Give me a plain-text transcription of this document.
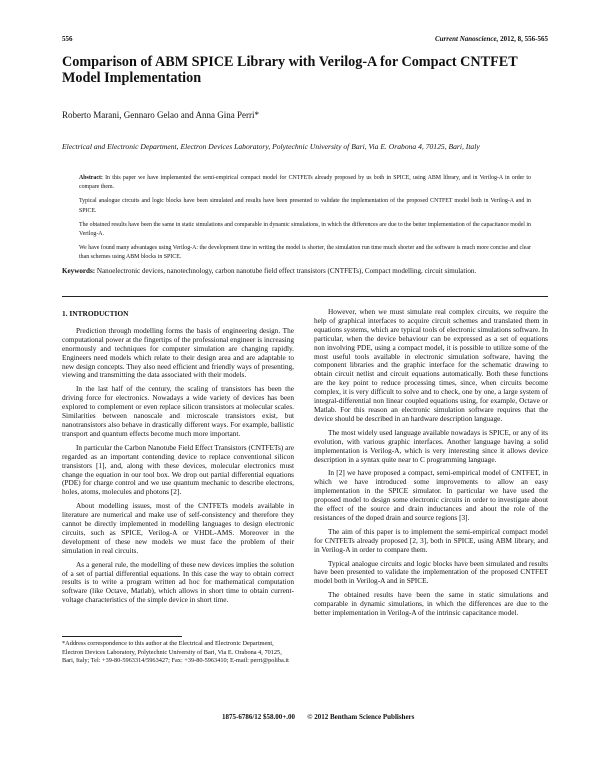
556	Current Nanoscience, 2012, 8, 556-565
Comparison of ABM SPICE Library with Verilog-A for Compact CNTFET Model Implementation
Roberto Marani, Gennaro Gelao and Anna Gina Perri*
Electrical and Electronic Department, Electron Devices Laboratory, Polytechnic University of Bari, Via E. Orabona 4, 70125, Bari, Italy

Abstract: In this paper we have implemented the semi-empirical compact model for CNTFETs already proposed by us both in SPICE, using ABM library, and in Verilog-A in order to compare them.

Typical analogue circuits and logic blocks have been simulated and results have been presented to validate the implementation of the proposed CNTFET model both in Verilog-A and in SPICE.

The obtained results have been the same in static simulations and comparable in dynamic simulations, in which the differences are due to the better implementation of the capacitance model in Verilog-A.

We have found many advantages using Verilog-A: the development time in writing the model is shorter, the simulation run time much shorter and the software is much more concise and clear than schemes using ABM blocks in SPICE.

Keywords: Nanoelectronic devices, nanotechnology, carbon nanotube field effect transistors (CNTFETs), Compact modelling, circuit simulation.
1. INTRODUCTION

Prediction through modelling forms the basis of engineering design. The computational power at the fingertips of the professional engineer is increasing enormously and techniques for computer simulation are changing rapidly. Engineers need models which relate to their design area and are adaptable to new design concepts. They also need efficient and friendly ways of presenting, viewing and transmitting the data associated with their models.

In the last half of the century, the scaling of transistors has been the driving force for electronics. Nowadays a wide variety of devices has been explored to complement or even replace silicon transistors at molecular scales. Similarities between nanoscale and microscale transistors exist, but nanotransistors also behave in drastically different ways. For example, ballistic transport and quantum effects become much more important.

In particular the Carbon Nanotube Field Effect Transistors (CNTFETs) are regarded as an important contending device to replace conventional silicon transistors [1], and, along with these devices, molecular electronics must change the equation in our tool box. We drop out partial differential equations (PDE) for charge control and we use quantum mechanic to describe electrons, holes, atoms, molecules and photons [2].

About modelling issues, most of the CNTFETs models available in literature are numerical and make use of self-consistency and therefore they cannot be directly implemented in modelling languages to design electronic circuits, such as SPICE, Verilog-A or VHDL-AMS. Moreover in the development of these new models we must face the problem of their simulation in real circuits.

As a general rule, the modelling of these new devices implies the solution of a set of partial differential equations. In this case the way to obtain correct results is to write a program written ad hoc for mathematical computation software (like Octave, Matlab), which allows in short time to obtain current-voltage characteristics of the simple device in short time.

However, when we must simulate real complex circuits, we require the help of graphical interfaces to acquire circuit schemes and translated them in equations systems, which are typical tools of electronic simulations software. In particular, when the device behaviour can be expressed as a set of equations non involving PDE, using a compact model, it is possible to utilize some of the most useful tools available in electronic simulation software, having the component libraries and the graphic interface for the schematic drawing to obtain circuit netlist and circuit equations automatically. Both these functions are the key point to reduce processing times, since, when circuits become complex, it is very difficult to solve and to check, one by one, a large system of integral-differential non linear coupled equations using, for example, Octave or Matlab. For this reason an electronic simulation software requires that the device should be described in an hardware description language.

The most widely used language available nowadays is SPICE, or any of its evolution, with various graphic interfaces. Another language having a solid implementation is Verilog-A, which is very interesting since it allows device description in a syntax quite near to C programming language.

In [2] we have proposed a compact, semi-empirical model of CNTFET, in which we have introduced some improvements to allow an easy implementation in the SPICE simulator. In particular we have used the proposed model to design some electronic circuits in order to investigate about the effect of the source and drain inductances and about the role of the resistances of the doped drain and source regions [3].

The aim of this paper is to implement the semi-empirical compact model for CNTFETs already proposed [2, 3], both in SPICE, using ABM library, and in Verilog-A in order to compare them.

Typical analogue circuits and logic blocks have been simulated and results have been presented to validate the implementation of the proposed CNTFET model both in Verilog-A and in SPICE.

The obtained results have been the same in static simulations and comparable in dynamic simulations, in which the differences are due to the better implementation in Verilog-A of the intrinsic capacitance model.

*Address correspondence to this author at the Electrical and Electronic Department, Electron Devices Laboratory, Polytechnic University of Bari, Via E. Orabona 4, 70125, Bari, Italy; Tel: +39-80-5963314/5963427; Fax: +39-80-5963410; E-mail: perri@poliba.it
1875-6786/12 $58.00+.00       © 2012 Bentham Science Publishers
